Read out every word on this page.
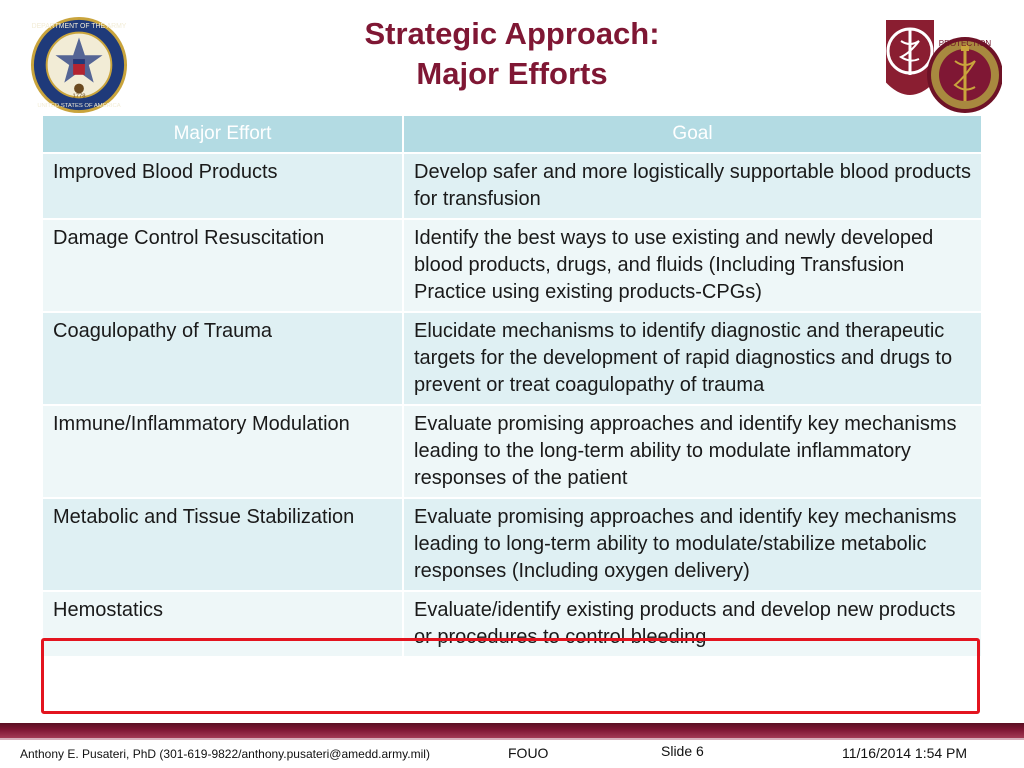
Strategic Approach:
Major Efforts
DEPARTMENT OF THE ARMY
UNITED STATES OF AMERICA
1778
PROTECTION
Major Effort	Goal
Improved Blood Products	Develop safer and more logistically supportable blood products for transfusion
Damage Control Resuscitation	Identify the best ways to use existing and newly developed blood products, drugs, and fluids (Including Transfusion Practice using existing products-CPGs)
Coagulopathy of Trauma	Elucidate mechanisms to identify diagnostic and therapeutic targets for the development of rapid diagnostics and drugs to prevent or treat coagulopathy of trauma
Immune/Inflammatory Modulation	Evaluate promising approaches and identify key mechanisms leading to the long-term ability to modulate inflammatory responses of the patient
Metabolic and Tissue Stabilization	Evaluate promising approaches and identify key mechanisms leading to long-term ability to modulate/stabilize metabolic responses (Including oxygen delivery)
Hemostatics	Evaluate/identify existing products and develop new products or procedures to control bleeding
Anthony E. Pusateri, PhD (301-619-9822/anthony.pusateri@amedd.army.mil)	FOUO	Slide 6	11/16/2014 1:54 PM
